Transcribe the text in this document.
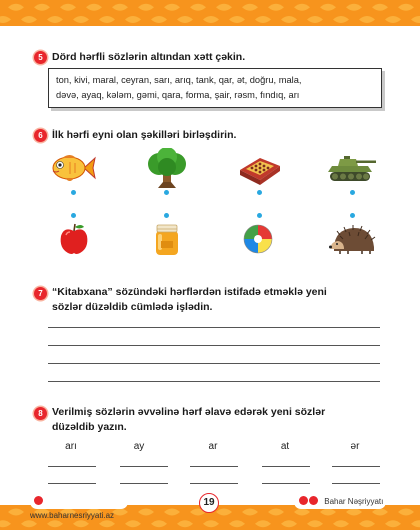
5 Dörd hərfli sözlərin altından xətt çəkin.
ton, kivi, maral, ceyran, sarı, arıq, tank, qar, ət, doğru, mala,
dəvə, ayaq, kələm, gəmi, qara, forma, şair, rəsm, fındıq, arı
6 İlk hərfi eyni olan şəkilləri birləşdirin.
7 “Kitabxana” sözündəki hərflərdən istifadə etməklə yeni
sözlər düzəldib cümlədə işlədin.
8 Verilmiş sözlərin əvvəlinə hərf əlavə edərək yeni sözlər
düzəldib yazın.
arı	ay	ar	at	ər
www.baharnesriyyati.az
19	Bahar Nəşriyyatı
